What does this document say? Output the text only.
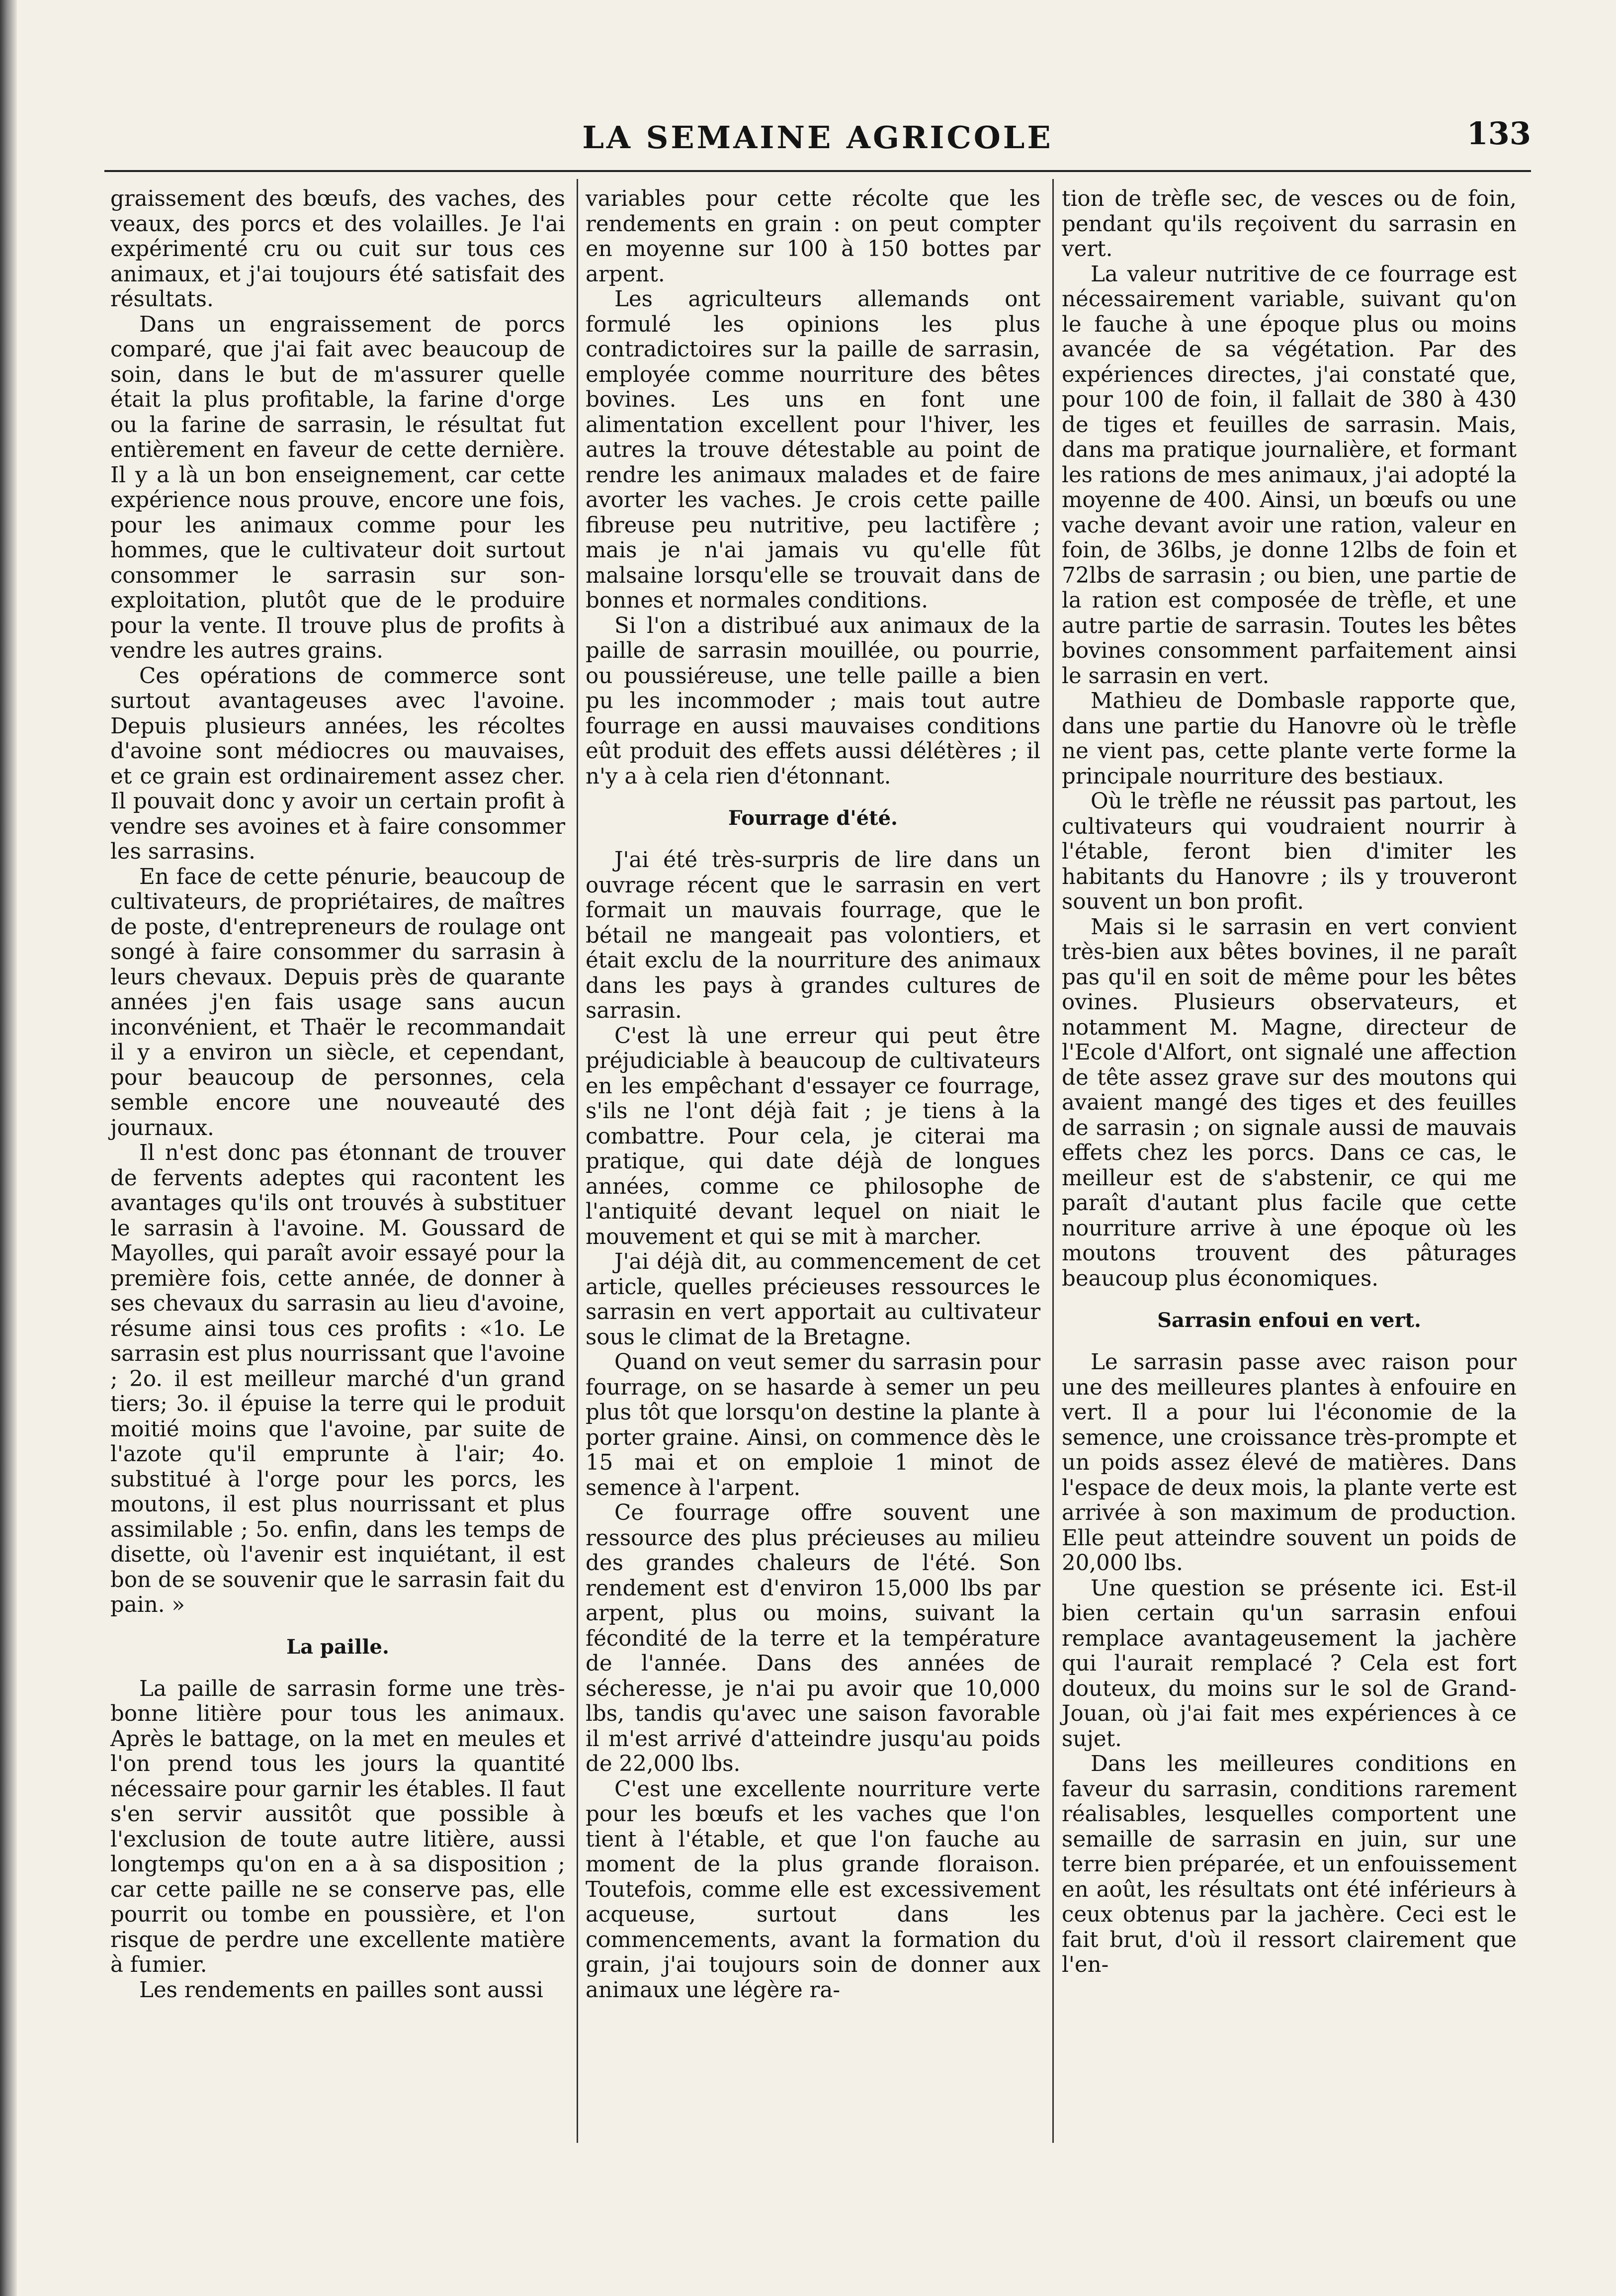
LA SEMAINE AGRICOLE	133

graissement des bœufs, des vaches, des veaux, des porcs et des volailles. Je l'ai expérimenté cru ou cuit sur tous ces animaux, et j'ai toujours été satisfait des résultats.

Dans un engraissement de porcs comparé, que j'ai fait avec beaucoup de soin, dans le but de m'assurer quelle était la plus profitable, la farine d'orge ou la farine de sarrasin, le résultat fut entièrement en faveur de cette dernière. Il y a là un bon enseignement, car cette expérience nous prouve, encore une fois, pour les animaux comme pour les hommes, que le cultivateur doit surtout consommer le sarrasin sur son-exploitation, plutôt que de le produire pour la vente. Il trouve plus de profits à vendre les autres grains.

Ces opérations de commerce sont surtout avantageuses avec l'avoine. Depuis plusieurs années, les récoltes d'avoine sont médiocres ou mauvaises, et ce grain est ordinairement assez cher. Il pouvait donc y avoir un certain profit à vendre ses avoines et à faire consommer les sarrasins.

En face de cette pénurie, beaucoup de cultivateurs, de propriétaires, de maîtres de poste, d'entrepreneurs de roulage ont songé à faire consommer du sarrasin à leurs chevaux. Depuis près de quarante années j'en fais usage sans aucun inconvénient, et Thaër le recommandait il y a environ un siècle, et cependant, pour beaucoup de personnes, cela semble encore une nouveauté des journaux.

Il n'est donc pas étonnant de trouver de fervents adeptes qui racontent les avantages qu'ils ont trouvés à substituer le sarrasin à l'avoine. M. Goussard de Mayolles, qui paraît avoir essayé pour la première fois, cette année, de donner à ses chevaux du sarrasin au lieu d'avoine, résume ainsi tous ces profits : «1o. Le sarrasin est plus nourrissant que l'avoine ; 2o. il est meilleur marché d'un grand tiers; 3o. il épuise la terre qui le produit moitié moins que l'avoine, par suite de l'azote qu'il emprunte à l'air; 4o. substitué à l'orge pour les porcs, les moutons, il est plus nourrissant et plus assimilable ; 5o. enfin, dans les temps de disette, où l'avenir est inquiétant, il est bon de se souvenir que le sarrasin fait du pain. »

La paille.

La paille de sarrasin forme une très-bonne litière pour tous les animaux. Après le battage, on la met en meules et l'on prend tous les jours la quantité nécessaire pour garnir les étables. Il faut s'en servir aussitôt que possible à l'exclusion de toute autre litière, aussi longtemps qu'on en a à sa disposition ; car cette paille ne se conserve pas, elle pourrit ou tombe en poussière, et l'on risque de perdre une excellente matière à fumier.

Les rendements en pailles sont aussi

variables pour cette récolte que les rendements en grain : on peut compter en moyenne sur 100 à 150 bottes par arpent.

Les agriculteurs allemands ont formulé les opinions les plus contradictoires sur la paille de sarrasin, employée comme nourriture des bêtes bovines. Les uns en font une alimentation excellent pour l'hiver, les autres la trouve détestable au point de rendre les animaux malades et de faire avorter les vaches. Je crois cette paille fibreuse peu nutritive, peu lactifère ; mais je n'ai jamais vu qu'elle fût malsaine lorsqu'elle se trouvait dans de bonnes et normales conditions.

Si l'on a distribué aux animaux de la paille de sarrasin mouillée, ou pourrie, ou poussiéreuse, une telle paille a bien pu les incommoder ; mais tout autre fourrage en aussi mauvaises conditions eût produit des effets aussi délétères ; il n'y a à cela rien d'étonnant.

Fourrage d'été.

J'ai été très-surpris de lire dans un ouvrage récent que le sarrasin en vert formait un mauvais fourrage, que le bétail ne mangeait pas volontiers, et était exclu de la nourriture des animaux dans les pays à grandes cultures de sarrasin.

C'est là une erreur qui peut être préjudiciable à beaucoup de cultivateurs en les empêchant d'essayer ce fourrage, s'ils ne l'ont déjà fait ; je tiens à la combattre. Pour cela, je citerai ma pratique, qui date déjà de longues années, comme ce philosophe de l'antiquité devant lequel on niait le mouvement et qui se mit à marcher.

J'ai déjà dit, au commencement de cet article, quelles précieuses ressources le sarrasin en vert apportait au cultivateur sous le climat de la Bretagne.

Quand on veut semer du sarrasin pour fourrage, on se hasarde à semer un peu plus tôt que lorsqu'on destine la plante à porter graine. Ainsi, on commence dès le 15 mai et on emploie 1 minot de semence à l'arpent.

Ce fourrage offre souvent une ressource des plus précieuses au milieu des grandes chaleurs de l'été. Son rendement est d'environ 15,000 lbs par arpent, plus ou moins, suivant la fécondité de la terre et la température de l'année. Dans des années de sécheresse, je n'ai pu avoir que 10,000 lbs, tandis qu'avec une saison favorable il m'est arrivé d'atteindre jusqu'au poids de 22,000 lbs.

C'est une excellente nourriture verte pour les bœufs et les vaches que l'on tient à l'étable, et que l'on fauche au moment de la plus grande floraison. Toutefois, comme elle est excessivement acqueuse, surtout dans les commencements, avant la formation du grain, j'ai toujours soin de donner aux animaux une légère ra-

tion de trèfle sec, de vesces ou de foin, pendant qu'ils reçoivent du sarrasin en vert.

La valeur nutritive de ce fourrage est nécessairement variable, suivant qu'on le fauche à une époque plus ou moins avancée de sa végétation. Par des expériences directes, j'ai constaté que, pour 100 de foin, il fallait de 380 à 430 de tiges et feuilles de sarrasin. Mais, dans ma pratique journalière, et formant les rations de mes animaux, j'ai adopté la moyenne de 400. Ainsi, un bœufs ou une vache devant avoir une ration, valeur en foin, de 36lbs, je donne 12lbs de foin et 72lbs de sarrasin ; ou bien, une partie de la ration est composée de trèfle, et une autre partie de sarrasin. Toutes les bêtes bovines consomment parfaitement ainsi le sarrasin en vert.

Mathieu de Dombasle rapporte que, dans une partie du Hanovre où le trèfle ne vient pas, cette plante verte forme la principale nourriture des bestiaux.

Où le trèfle ne réussit pas partout, les cultivateurs qui voudraient nourrir à l'étable, feront bien d'imiter les habitants du Hanovre ; ils y trouveront souvent un bon profit.

Mais si le sarrasin en vert convient très-bien aux bêtes bovines, il ne paraît pas qu'il en soit de même pour les bêtes ovines. Plusieurs observateurs, et notamment M. Magne, directeur de l'Ecole d'Alfort, ont signalé une affection de tête assez grave sur des moutons qui avaient mangé des tiges et des feuilles de sarrasin ; on signale aussi de mauvais effets chez les porcs. Dans ce cas, le meilleur est de s'abstenir, ce qui me paraît d'autant plus facile que cette nourriture arrive à une époque où les moutons trouvent des pâturages beaucoup plus économiques.

Sarrasin enfoui en vert.

Le sarrasin passe avec raison pour une des meilleures plantes à enfouire en vert. Il a pour lui l'économie de la semence, une croissance très-prompte et un poids assez élevé de matières. Dans l'espace de deux mois, la plante verte est arrivée à son maximum de production. Elle peut atteindre souvent un poids de 20,000 lbs.

Une question se présente ici. Est-il bien certain qu'un sarrasin enfoui remplace avantageusement la jachère qui l'aurait remplacé ? Cela est fort douteux, du moins sur le sol de Grand-Jouan, où j'ai fait mes expériences à ce sujet.

Dans les meilleures conditions en faveur du sarrasin, conditions rarement réalisables, lesquelles comportent une semaille de sarrasin en juin, sur une terre bien préparée, et un enfouissement en août, les résultats ont été inférieurs à ceux obtenus par la jachère. Ceci est le fait brut, d'où il ressort clairement que l'en-
